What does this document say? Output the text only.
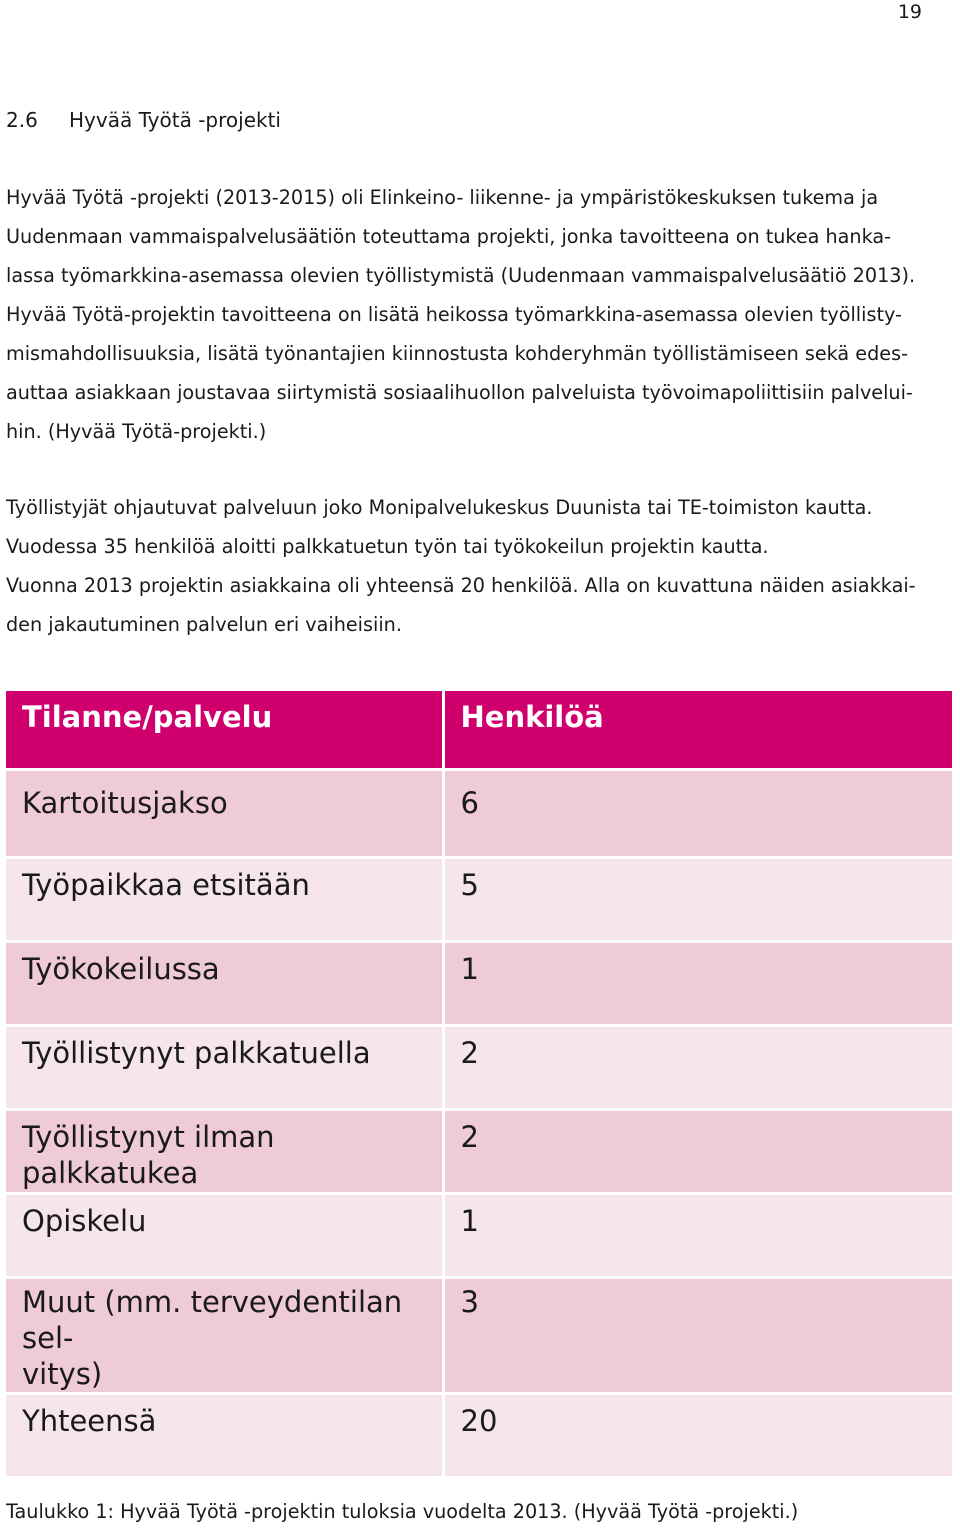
19
2.6 Hyvää Työtä -projekti
Hyvää Työtä -projekti (2013-2015) oli Elinkeino- liikenne- ja ympäristökeskuksen tukema ja
Uudenmaan vammaispalvelusäätiön toteuttama projekti, jonka tavoitteena on tukea hanka-
lassa työmarkkina-asemassa olevien työllistymistä (Uudenmaan vammaispalvelusäätiö 2013).
Hyvää Työtä-projektin tavoitteena on lisätä heikossa työmarkkina-asemassa olevien työllisty-
mismahdollisuuksia, lisätä työnantajien kiinnostusta kohderyhmän työllistämiseen sekä edes-
auttaa asiakkaan joustavaa siirtymistä sosiaalihuollon palveluista työvoimapoliittisiin palvelui-
hin. (Hyvää Työtä-projekti.)
Työllistyjät ohjautuvat palveluun joko Monipalvelukeskus Duunista tai TE-toimiston kautta.
Vuodessa 35 henkilöä aloitti palkkatuetun työn tai työkokeilun projektin kautta.
Vuonna 2013 projektin asiakkaina oli yhteensä 20 henkilöä. Alla on kuvattuna näiden asiakkai-
den jakautuminen palvelun eri vaiheisiin.
Tilanne/palvelu	Henkilöä
Kartoitusjakso	6
Työpaikkaa etsitään	5
Työkokeilussa	1
Työllistynyt palkkatuella	2
Työllistynyt ilman palkkatukea	2
Opiskelu	1
Muut (mm. terveydentilan sel-
vitys)	3
Yhteensä	20
Taulukko 1: Hyvää Työtä -projektin tuloksia vuodelta 2013. (Hyvää Työtä -projekti.)
